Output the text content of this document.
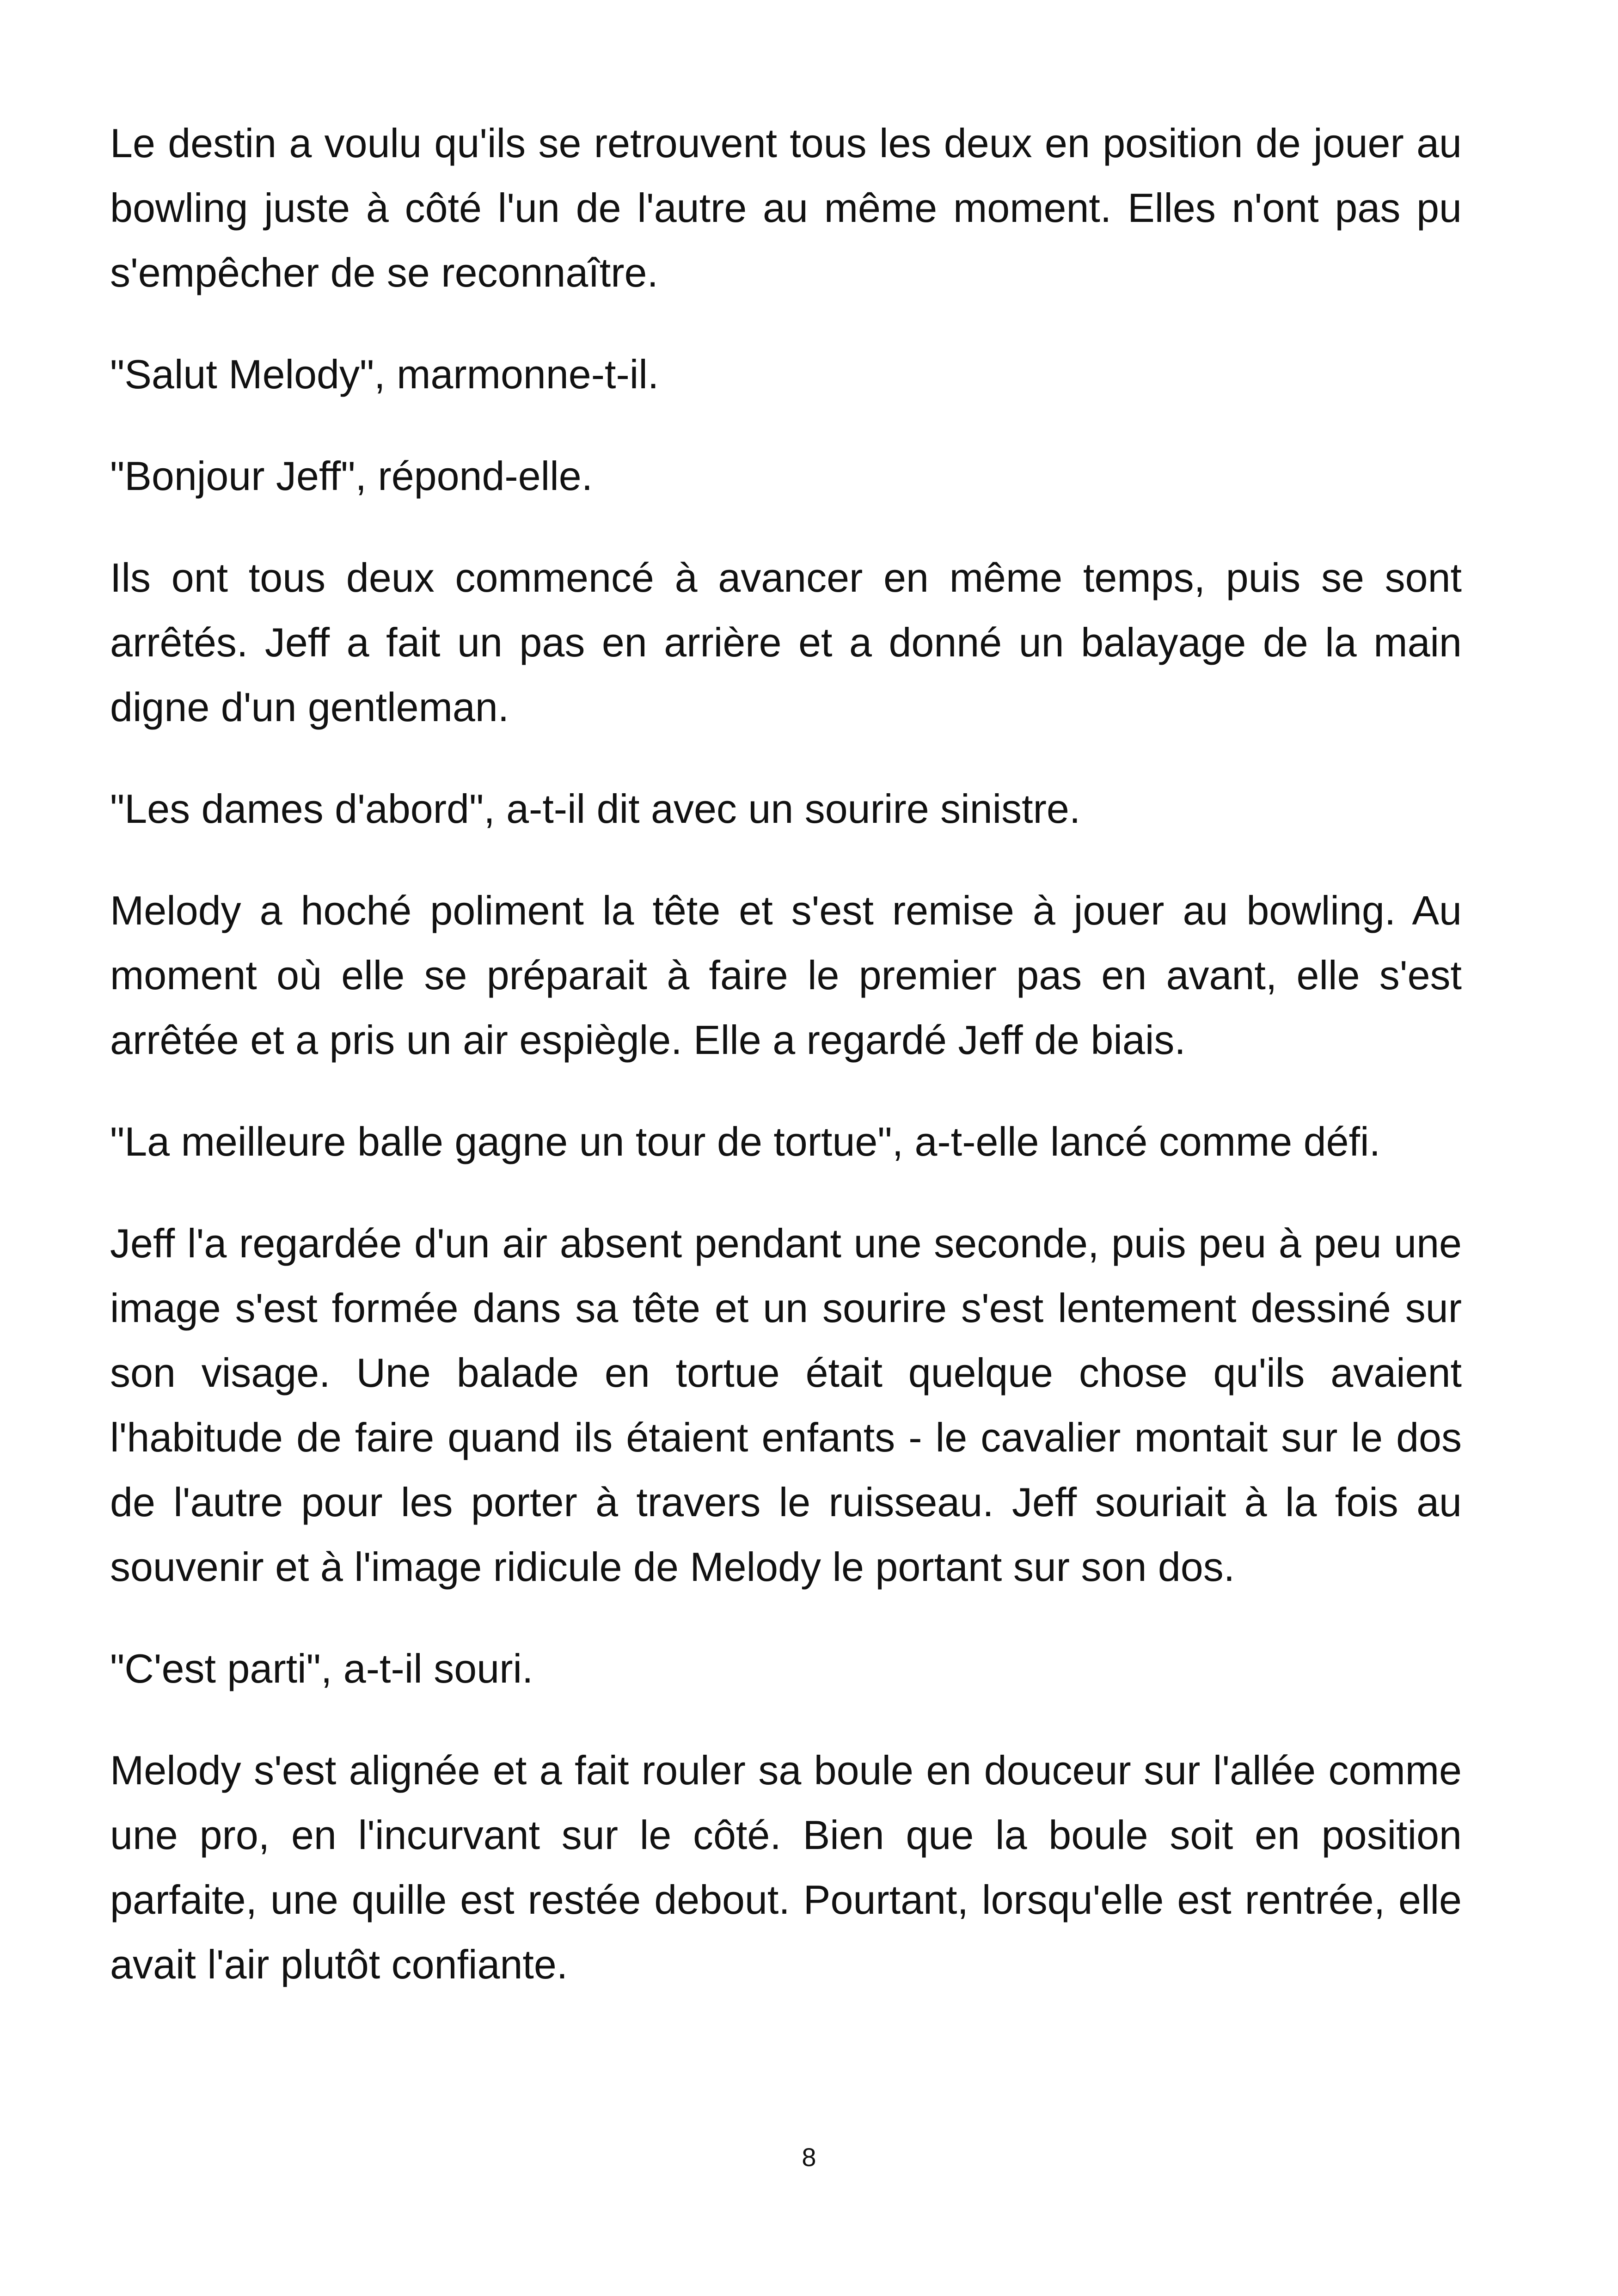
Le destin a voulu qu'ils se retrouvent tous les deux en position de jouer au bowling juste à côté l'un de l'autre au même moment. Elles n'ont pas pu s'empêcher de se reconnaître.

"Salut Melody", marmonne-t-il.

"Bonjour Jeff", répond-elle.

Ils ont tous deux commencé à avancer en même temps, puis se sont arrêtés. Jeff a fait un pas en arrière et a donné un balayage de la main digne d'un gentleman.

"Les dames d'abord", a-t-il dit avec un sourire sinistre.

Melody a hoché poliment la tête et s'est remise à jouer au bowling. Au moment où elle se préparait à faire le premier pas en avant, elle s'est arrêtée et a pris un air espiègle. Elle a regardé Jeff de biais.

"La meilleure balle gagne un tour de tortue", a-t-elle lancé comme défi.

Jeff l'a regardée d'un air absent pendant une seconde, puis peu à peu une image s'est formée dans sa tête et un sourire s'est lentement dessiné sur son visage. Une balade en tortue était quelque chose qu'ils avaient l'habitude de faire quand ils étaient enfants - le cavalier montait sur le dos de l'autre pour les porter à travers le ruisseau. Jeff souriait à la fois au souvenir et à l'image ridicule de Melody le portant sur son dos.

"C'est parti", a-t-il souri.

Melody s'est alignée et a fait rouler sa boule en douceur sur l'allée comme une pro, en l'incurvant sur le côté. Bien que la boule soit en position parfaite, une quille est restée debout. Pourtant, lorsqu'elle est rentrée, elle avait l'air plutôt confiante.

8
